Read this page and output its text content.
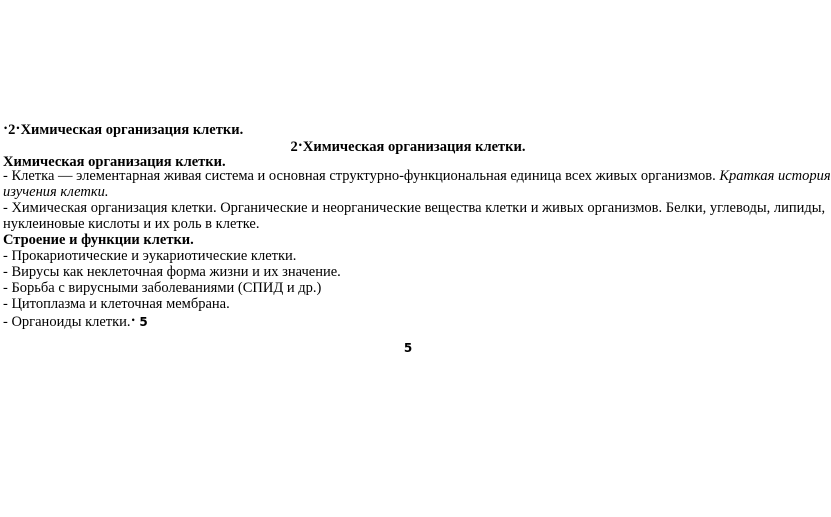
•2•Химическая организация клетки.
2•Химическая организация клетки.
Химическая организация клетки.
- Клетка — элементарная живая система и основная структурно-функциональная единица всех живых организмов. Краткая история
изучения клетки.
- Химическая организация клетки. Органические и неорганические вещества клетки и живых организмов. Белки, углеводы, липиды,
нуклеиновые кислоты и их роль в клетке.
Строение и функции клетки.
- Прокариотические и эукариотические клетки.
- Вирусы как неклеточная форма жизни и их значение.
- Борьба с вирусными заболеваниями (СПИД и др.)
- Цитоплазма и клеточная мембрана.
- Органоиды клетки.• 5
5
